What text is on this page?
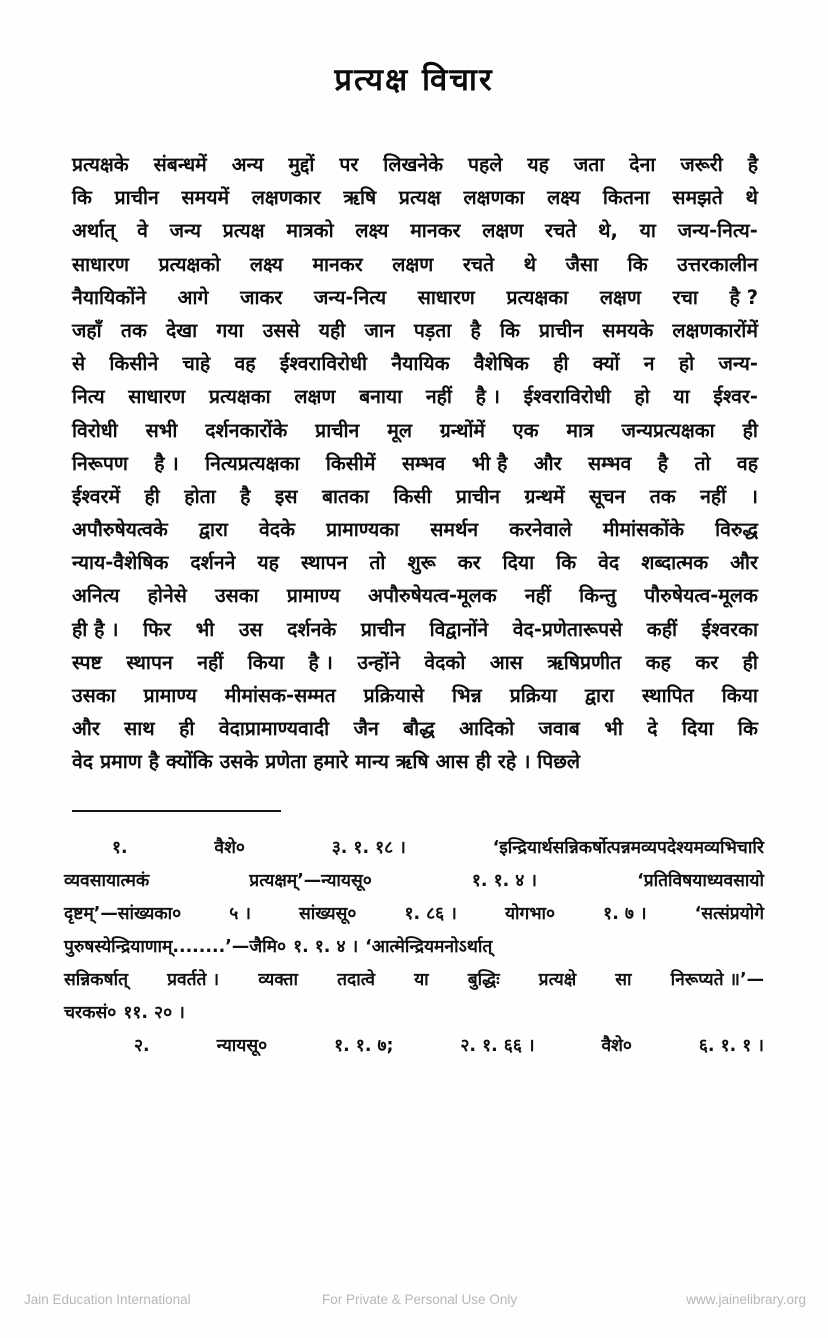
प्रत्यक्ष विचार
प्रत्यक्षके संबन्धमें अन्य मुद्दों पर लिखनेके पहले यह जता देना जरूरी है
कि प्राचीन समयमें लक्षणकार ऋषि प्रत्यक्ष लक्षणका लक्ष्य कितना समझते थे
अर्थात् वे जन्य प्रत्यक्ष मात्रको लक्ष्य मानकर लक्षण रचते थे, या जन्य-नित्य-
साधारण प्रत्यक्षको लक्ष्य मानकर लक्षण रचते थे जैसा कि उत्तरकालीन
नैयायिकोंने आगे जाकर जन्य-नित्य साधारण प्रत्यक्षका लक्षण रचा है ?
जहाँ तक देखा गया उससे यही जान पड़ता है कि प्राचीन समयके लक्षणकारोंमें
से किसीने चाहे वह ईश्वराविरोधी नैयायिक वैशेषिक ही क्यों न हो जन्य-
नित्य साधारण प्रत्यक्षका लक्षण बनाया नहीं है । ईश्वराविरोधी हो या ईश्वर-
विरोधी सभी दर्शनकारोंके प्राचीन मूल ग्रन्थोंमें एक मात्र जन्यप्रत्यक्षका ही
निरूपण है । नित्यप्रत्यक्षका किसीमें सम्भव भी है और सम्भव है तो वह
ईश्वरमें ही होता है इस बातका किसी प्राचीन ग्रन्थमें सूचन तक नहीं ।
अपौरुषेयत्वके द्वारा वेदके प्रामाण्यका समर्थन करनेवाले मीमांसकोंके विरुद्ध
न्याय-वैशेषिक दर्शनने यह स्थापन तो शुरू कर दिया कि वेद शब्दात्मक और
अनित्य होनेसे उसका प्रामाण्य अपौरुषेयत्व-मूलक नहीं किन्तु पौरुषेयत्व-मूलक
ही है । फिर भी उस दर्शनके प्राचीन विद्वानोंने वेद-प्रणेतारूपसे कहीं ईश्वरका
स्पष्ट स्थापन नहीं किया है । उन्होंने वेदको आस ऋषिप्रणीत कह कर ही
उसका प्रामाण्य मीमांसक-सम्मत प्रक्रियासे भिन्न प्रक्रिया द्वारा स्थापित किया
और साथ ही वेदाप्रामाण्यवादी जैन बौद्ध आदिको जवाब भी दे दिया कि
वेद प्रमाण है क्योंकि उसके प्रणेता हमारे मान्य ऋषि आस ही रहे । पिछले
१.	वैशे०	३. १. १८ ।	‘इन्द्रियार्थसन्निकर्षोत्पन्नमव्यपदेश्यमव्यभिचारि
व्यवसायात्मकं	प्रत्यक्षम्’—न्यायसू०	१. १. ४ ।	‘प्रतिविषयाध्यवसायो
दृष्टम्’—सांख्यका०	५ ।	सांख्यसू०	१. ८६ ।	योगभा०	१. ७ ।	‘सत्संप्रयोगे
पुरुषस्येन्द्रियाणाम्........’—जैमि० १. १. ४ । ‘आत्मेन्द्रियमनोऽर्थात्
सन्निकर्षात् प्रवर्तते । व्यक्ता तदात्वे या बुद्धिः प्रत्यक्षे सा निरूप्यते ॥’—
चरकसं० ११. २० ।
२.	न्यायसू०	१. १. ७;	२. १. ६६ ।	वैशे०	६. १. १ ।
Jain Education International	For Private & Personal Use Only	www.jainelibrary.org
